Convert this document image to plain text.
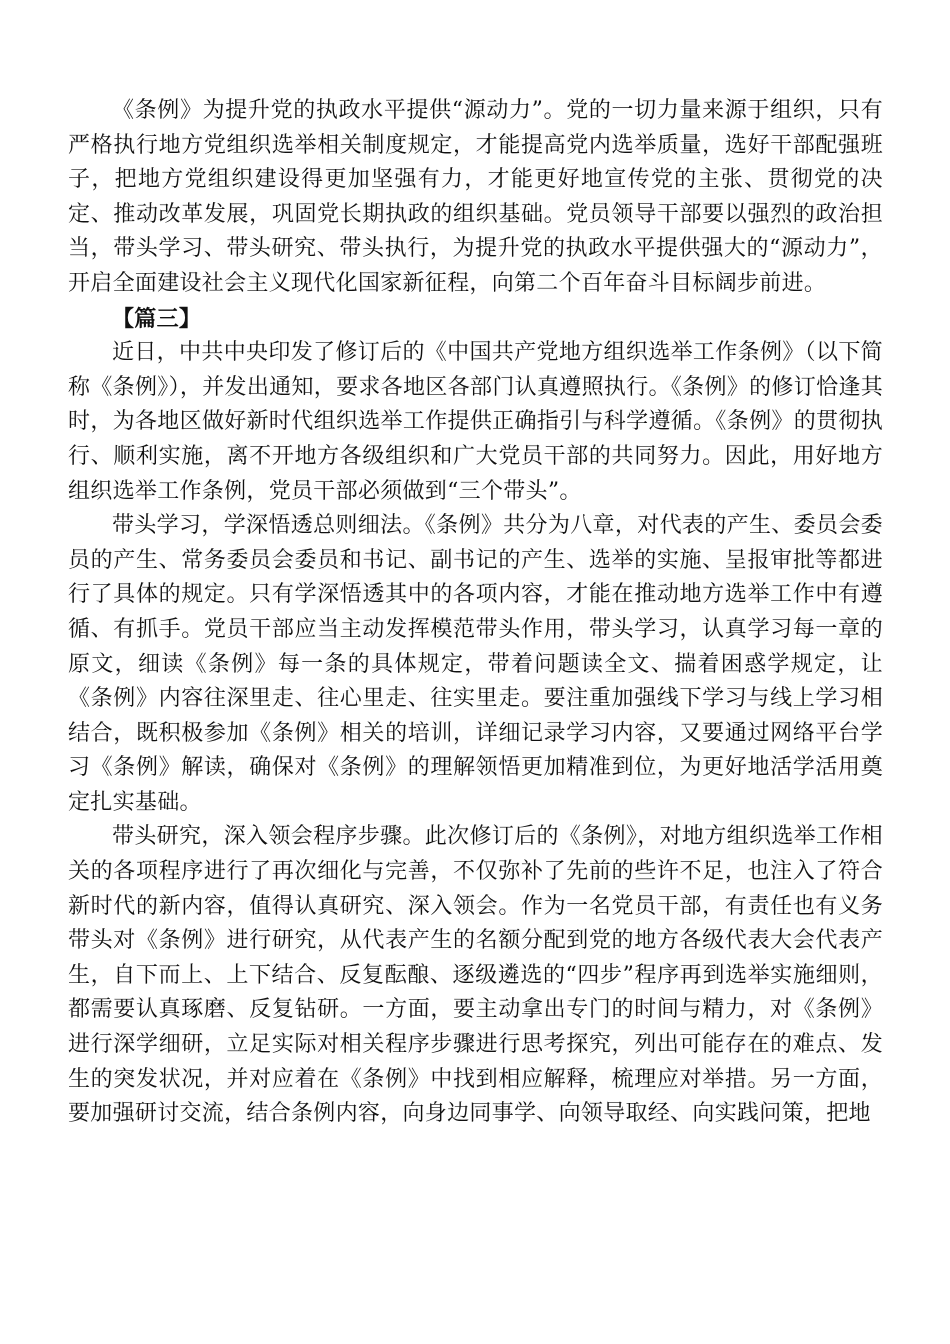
《条例》为提升党的执政水平提供“源动力”。党的一切力量来源于组织，只有严格执行地方党组织选举相关制度规定，才能提高党内选举质量，选好干部配强班子，把地方党组织建设得更加坚强有力，才能更好地宣传党的主张、贯彻党的决定、推动改革发展，巩固党长期执政的组织基础。党员领导干部要以强烈的政治担当，带头学习、带头研究、带头执行，为提升党的执政水平提供强大的“源动力”，开启全面建设社会主义现代化国家新征程，向第二个百年奋斗目标阔步前进。

【篇三】

近日，中共中央印发了修订后的《中国共产党地方组织选举工作条例》（以下简称《条例》），并发出通知，要求各地区各部门认真遵照执行。《条例》的修订恰逢其时，为各地区做好新时代组织选举工作提供正确指引与科学遵循。《条例》的贯彻执行、顺利实施，离不开地方各级组织和广大党员干部的共同努力。因此，用好地方组织选举工作条例，党员干部必须做到“三个带头”。

带头学习，学深悟透总则细法。《条例》共分为八章，对代表的产生、委员会委员的产生、常务委员会委员和书记、副书记的产生、选举的实施、呈报审批等都进行了具体的规定。只有学深悟透其中的各项内容，才能在推动地方选举工作中有遵循、有抓手。党员干部应当主动发挥模范带头作用，带头学习，认真学习每一章的原文，细读《条例》每一条的具体规定，带着问题读全文、揣着困惑学规定，让《条例》内容往深里走、往心里走、往实里走。要注重加强线下学习与线上学习相结合，既积极参加《条例》相关的培训，详细记录学习内容，又要通过网络平台学习《条例》解读，确保对《条例》的理解领悟更加精准到位，为更好地活学活用奠定扎实基础。

带头研究，深入领会程序步骤。此次修订后的《条例》，对地方组织选举工作相关的各项程序进行了再次细化与完善，不仅弥补了先前的些许不足，也注入了符合新时代的新内容，值得认真研究、深入领会。作为一名党员干部，有责任也有义务带头对《条例》进行研究，从代表产生的名额分配到党的地方各级代表大会代表产生，自下而上、上下结合、反复酝酿、逐级遴选的“四步”程序再到选举实施细则，都需要认真琢磨、反复钻研。一方面，要主动拿出专门的时间与精力，对《条例》进行深学细研，立足实际对相关程序步骤进行思考探究，列出可能存在的难点、发生的突发状况，并对应着在《条例》中找到相应解释，梳理应对举措。另一方面，要加强研讨交流，结合条例内容，向身边同事学、向领导取经、向实践问策，把地
